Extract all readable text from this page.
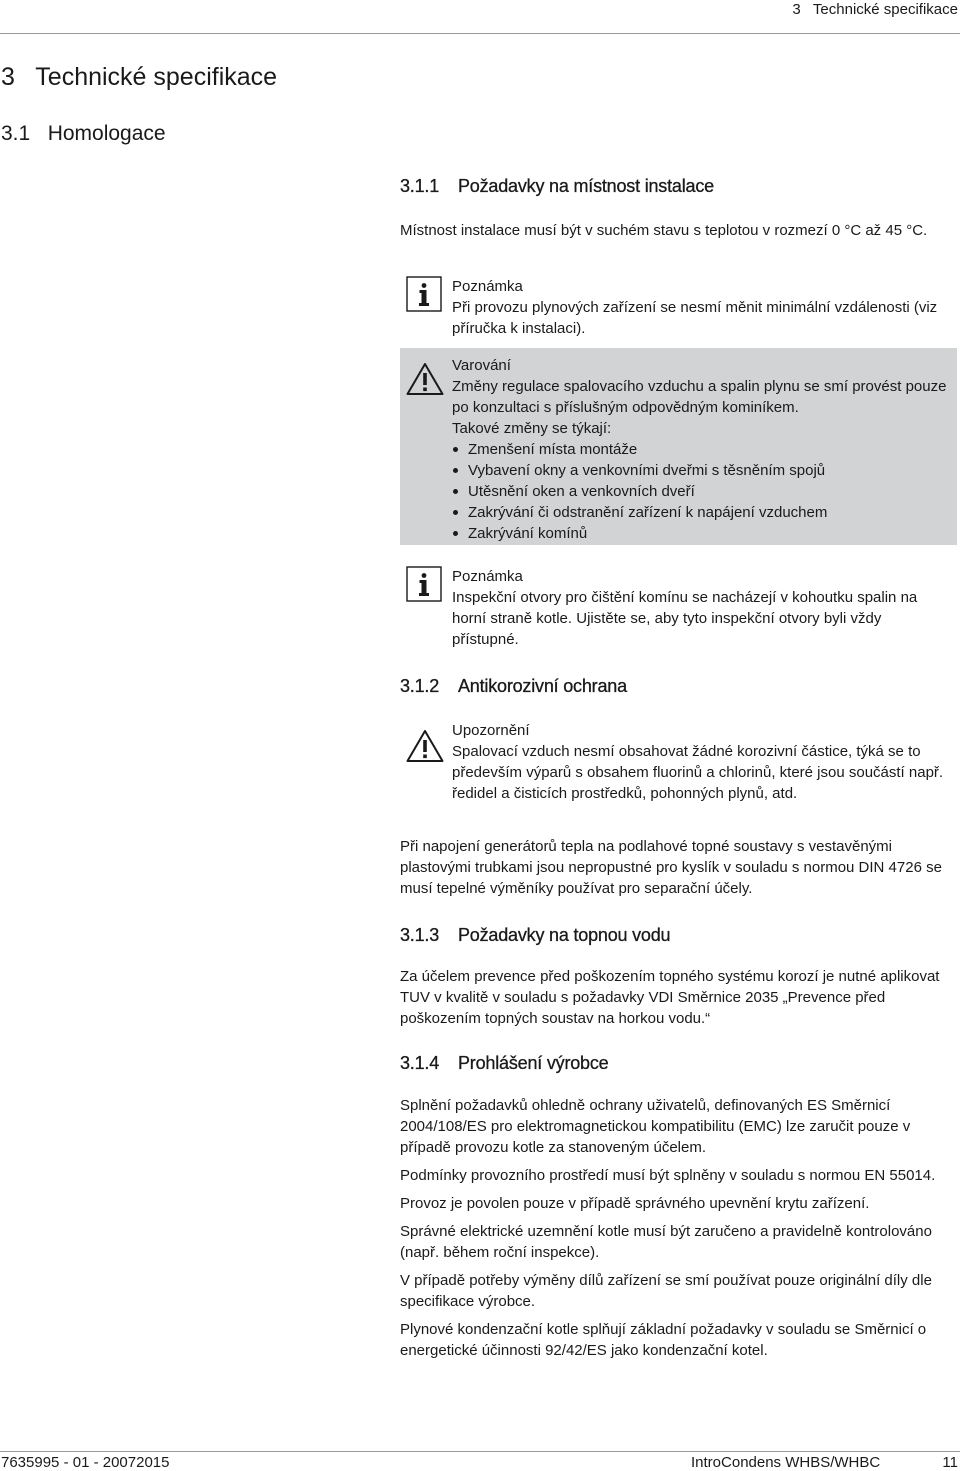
3   Technické specifikace
3   Technické specifikace
3.1   Homologace
3.1.1 Požadavky na místnost instalace

Místnost instalace musí být v suchém stavu s teplotou v rozmezí 0 °C až 45 °C.

Poznámka
Při provozu plynových zařízení se nesmí měnit minimální vzdálenosti (viz příručka k instalaci).
Varování
Změny regulace spalovacího vzduchu a spalin plynu se smí provést pouze po konzultaci s příslušným odpovědným kominíkem.
Takové změny se týkají:
Zmenšení místa montáže
Vybavení okny a venkovními dveřmi s těsněním spojů
Utěsnění oken a venkovních dveří
Zakrývání či odstranění zařízení k napájení vzduchem
Zakrývání komínů
Poznámka
Inspekční otvory pro čištění komínu se nacházejí v kohoutku spalin na horní straně kotle. Ujistěte se, aby tyto inspekční otvory byli vždy přístupné.
3.1.2 Antikorozivní ochrana
Upozornění
Spalovací vzduch nesmí obsahovat žádné korozivní částice, týká se to především výparů s obsahem fluorinů a chlorinů, které jsou součástí např. ředidel a čisticích prostředků, pohonných plynů, atd.

Při napojení generátorů tepla na podlahové topné soustavy s vestavěnými plastovými trubkami jsou nepropustné pro kyslík v souladu s normou DIN 4726 se musí tepelné výměníky používat pro separační účely.

3.1.3 Požadavky na topnou vodu

Za účelem prevence před poškozením topného systému korozí je nutné aplikovat TUV v kvalitě v souladu s požadavky VDI Směrnice 2035 „Prevence před poškozením topných soustav na horkou vodu.“

3.1.4 Prohlášení výrobce

Splnění požadavků ohledně ochrany uživatelů, definovaných ES Směrnicí 2004/108/ES pro elektromagnetickou kompatibilitu (EMC) lze zaručit pouze v případě provozu kotle za stanoveným účelem.

Podmínky provozního prostředí musí být splněny v souladu s normou EN 55014.

Provoz je povolen pouze v případě správného upevnění krytu zařízení.

Správné elektrické uzemnění kotle musí být zaručeno a pravidelně kontrolováno (např. během roční inspekce).

V případě potřeby výměny dílů zařízení se smí používat pouze originální díly dle specifikace výrobce.

Plynové kondenzační kotle splňují základní požadavky v souladu se Směrnicí o energetické účinnosti 92/42/ES jako kondenzační kotel.

7635995 - 01 - 20072015	IntroCondens WHBS/WHBC	11
